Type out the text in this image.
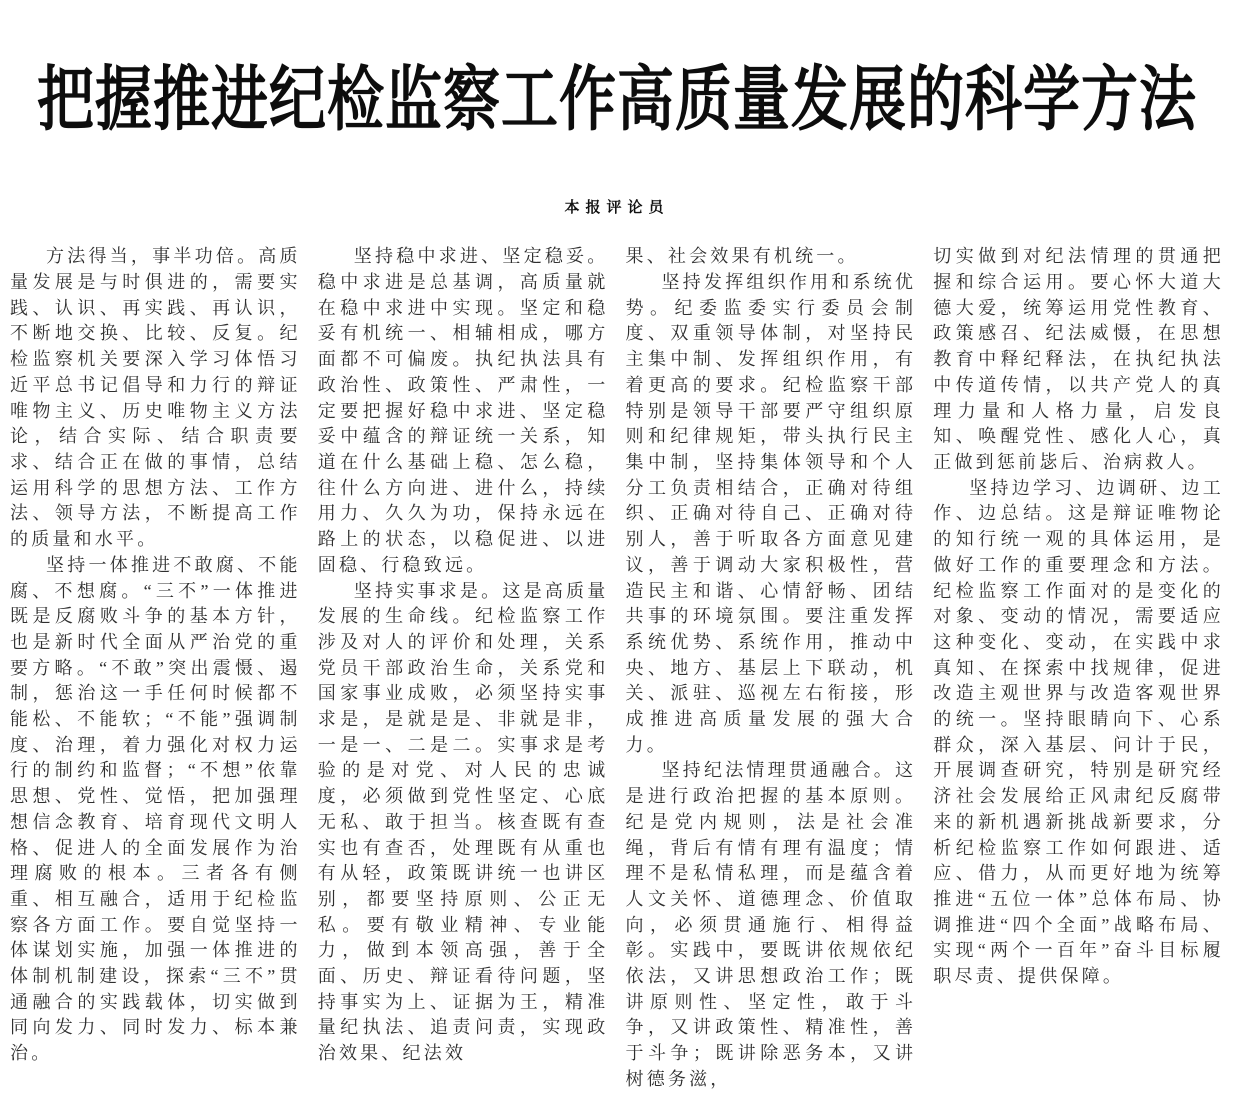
把握推进纪检监察工作高质量发展的科学方法
本报评论员

方法得当，事半功倍。高质量发展是与时俱进的，需要实践、认识、再实践、再认识，不断地交换、比较、反复。纪检监察机关要深入学习体悟习近平总书记倡导和力行的辩证唯物主义、历史唯物主义方法论，结合实际、结合职责要求、结合正在做的事情，总结运用科学的思想方法、工作方法、领导方法，不断提高工作的质量和水平。

坚持一体推进不敢腐、不能腐、不想腐。“三不”一体推进既是反腐败斗争的基本方针，也是新时代全面从严治党的重要方略。“不敢”突出震慑、遏制，惩治这一手任何时候都不能松、不能软；“不能”强调制度、治理，着力强化对权力运行的制约和监督；“不想”依靠思想、党性、觉悟，把加强理想信念教育、培育现代文明人格、促进人的全面发展作为治理腐败的根本。三者各有侧重、相互融合，适用于纪检监察各方面工作。要自觉坚持一体谋划实施，加强一体推进的体制机制建设，探索“三不”贯通融合的实践载体，切实做到同向发力、同时发力、标本兼治。

坚持稳中求进、坚定稳妥。稳中求进是总基调，高质量就在稳中求进中实现。坚定和稳妥有机统一、相辅相成，哪方面都不可偏废。执纪执法具有政治性、政策性、严肃性，一定要把握好稳中求进、坚定稳妥中蕴含的辩证统一关系，知道在什么基础上稳、怎么稳，往什么方向进、进什么，持续用力、久久为功，保持永远在路上的状态，以稳促进、以进固稳、行稳致远。

坚持实事求是。这是高质量发展的生命线。纪检监察工作涉及对人的评价和处理，关系党员干部政治生命，关系党和国家事业成败，必须坚持实事求是，是就是是、非就是非，一是一、二是二。实事求是考验的是对党、对人民的忠诚度，必须做到党性坚定、心底无私、敢于担当。核查既有查实也有查否，处理既有从重也有从轻，政策既讲统一也讲区别，都要坚持原则、公正无私。要有敬业精神、专业能力，做到本领高强，善于全面、历史、辩证看待问题，坚持事实为上、证据为王，精准量纪执法、追责问责，实现政治效果、纪法效

果、社会效果有机统一。

坚持发挥组织作用和系统优势。纪委监委实行委员会制度、双重领导体制，对坚持民主集中制、发挥组织作用，有着更高的要求。纪检监察干部特别是领导干部要严守组织原则和纪律规矩，带头执行民主集中制，坚持集体领导和个人分工负责相结合，正确对待组织、正确对待自己、正确对待别人，善于听取各方面意见建议，善于调动大家积极性，营造民主和谐、心情舒畅、团结共事的环境氛围。要注重发挥系统优势、系统作用，推动中央、地方、基层上下联动，机关、派驻、巡视左右衔接，形成推进高质量发展的强大合力。

坚持纪法情理贯通融合。这是进行政治把握的基本原则。纪是党内规则，法是社会准绳，背后有情有理有温度；情理不是私情私理，而是蕴含着人文关怀、道德理念、价值取向，必须贯通施行、相得益彰。实践中，要既讲依规依纪依法，又讲思想政治工作；既讲原则性、坚定性，敢于斗争，又讲政策性、精准性，善于斗争；既讲除恶务本，又讲树德务滋，

切实做到对纪法情理的贯通把握和综合运用。要心怀大道大德大爱，统筹运用党性教育、政策感召、纪法威慑，在思想教育中释纪释法，在执纪执法中传道传情，以共产党人的真理力量和人格力量，启发良知、唤醒党性、感化人心，真正做到惩前毖后、治病救人。

坚持边学习、边调研、边工作、边总结。这是辩证唯物论的知行统一观的具体运用，是做好工作的重要理念和方法。纪检监察工作面对的是变化的对象、变动的情况，需要适应这种变化、变动，在实践中求真知、在探索中找规律，促进改造主观世界与改造客观世界的统一。坚持眼睛向下、心系群众，深入基层、问计于民，开展调查研究，特别是研究经济社会发展给正风肃纪反腐带来的新机遇新挑战新要求，分析纪检监察工作如何跟进、适应、借力，从而更好地为统筹推进“五位一体”总体布局、协调推进“四个全面”战略布局、实现“两个一百年”奋斗目标履职尽责、提供保障。
